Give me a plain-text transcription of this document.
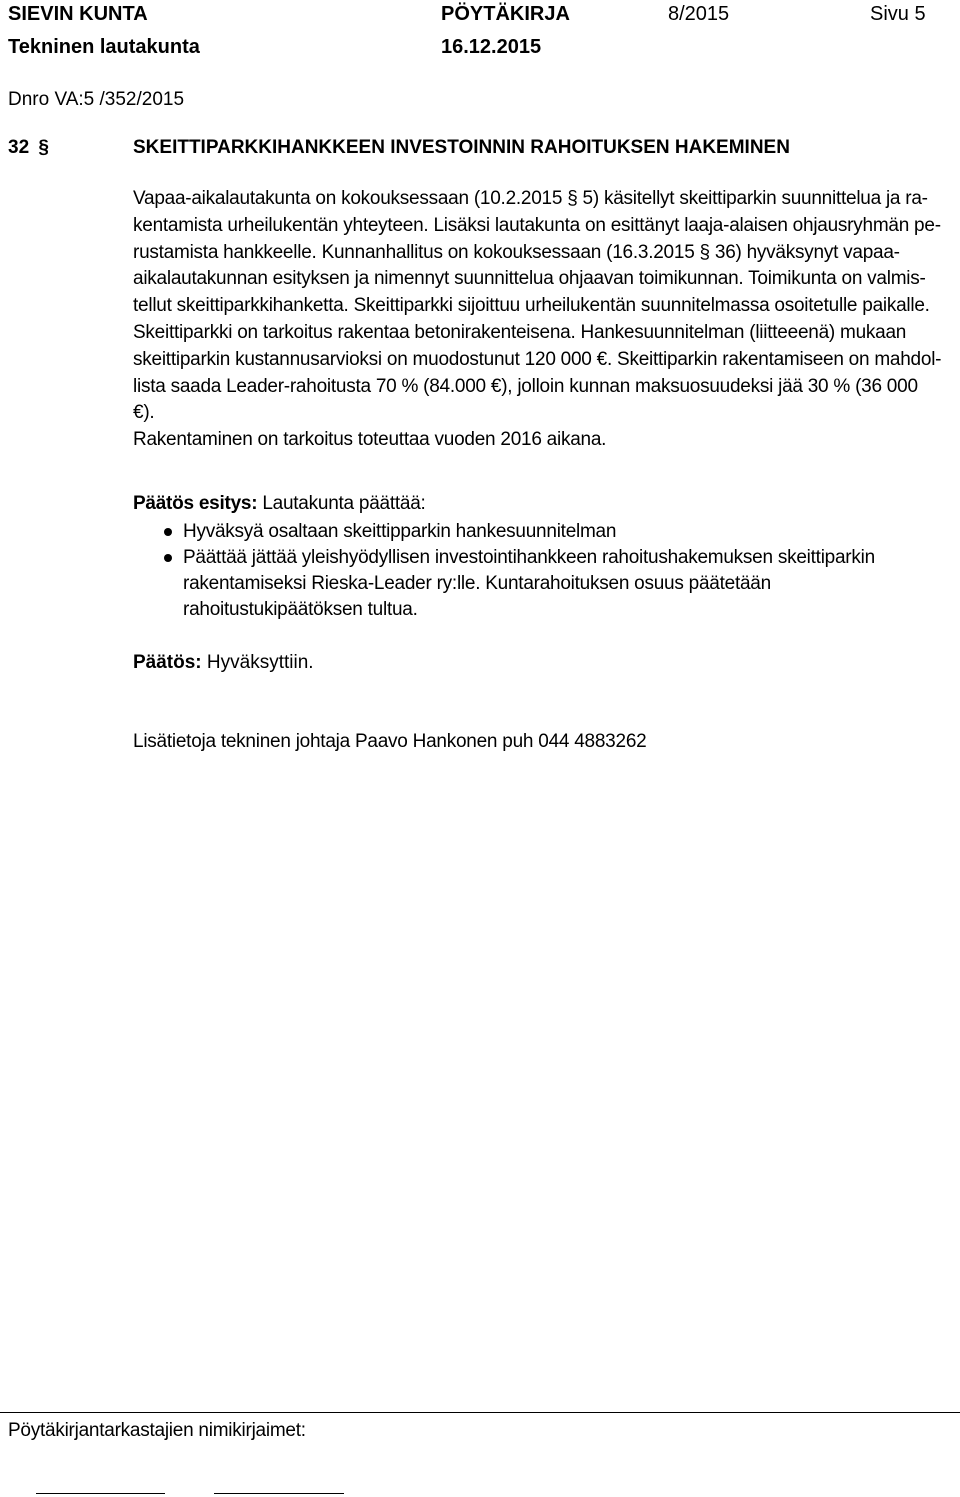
SIEVIN KUNTA	PÖYTÄKIRJA	8/2015	Sivu 5
Tekninen lautakunta	16.12.2015
Dnro VA:5 /352/2015
32 §	SKEITTIPARKKIHANKKEEN INVESTOINNIN RAHOITUKSEN HAKEMINEN
Vapaa-aikalautakunta on kokouksessaan (10.2.2015 § 5) käsitellyt skeittiparkin suunnittelua ja ra-
kentamista urheilukentän yhteyteen. Lisäksi lautakunta on esittänyt laaja-alaisen ohjausryhmän pe-
rustamista hankkeelle. Kunnanhallitus on kokouksessaan (16.3.2015 § 36) hyväksynyt vapaa-
aikalautakunnan esityksen ja nimennyt suunnittelua ohjaavan toimikunnan. Toimikunta on valmis-
tellut skeittiparkkihanketta. Skeittiparkki sijoittuu urheilukentän suunnitelmassa osoitetulle paikalle.
Skeittiparkki on tarkoitus rakentaa betonirakenteisena. Hankesuunnitelman (liitteeenä) mukaan
skeittiparkin kustannusarvioksi on muodostunut 120 000 €. Skeittiparkin rakentamiseen on mahdol-
lista saada Leader-rahoitusta 70 % (84.000 €), jolloin kunnan maksuosuudeksi jää 30 % (36 000
€).
Rakentaminen on tarkoitus toteuttaa vuoden 2016 aikana.
Päätös esitys: Lautakunta päättää:
Hyväksyä osaltaan skeittipparkin hankesuunnitelman
Päättää jättää yleishyödyllisen investointihankkeen rahoitushakemuksen skeittiparkin rakentamiseksi Rieska-Leader ry:lle. Kuntarahoituksen osuus päätetään rahoitustukipäätöksen tultua.
Päätös: Hyväksyttiin.
Lisätietoja tekninen johtaja Paavo Hankonen puh 044 4883262
Pöytäkirjantarkastajien nimikirjaimet:
